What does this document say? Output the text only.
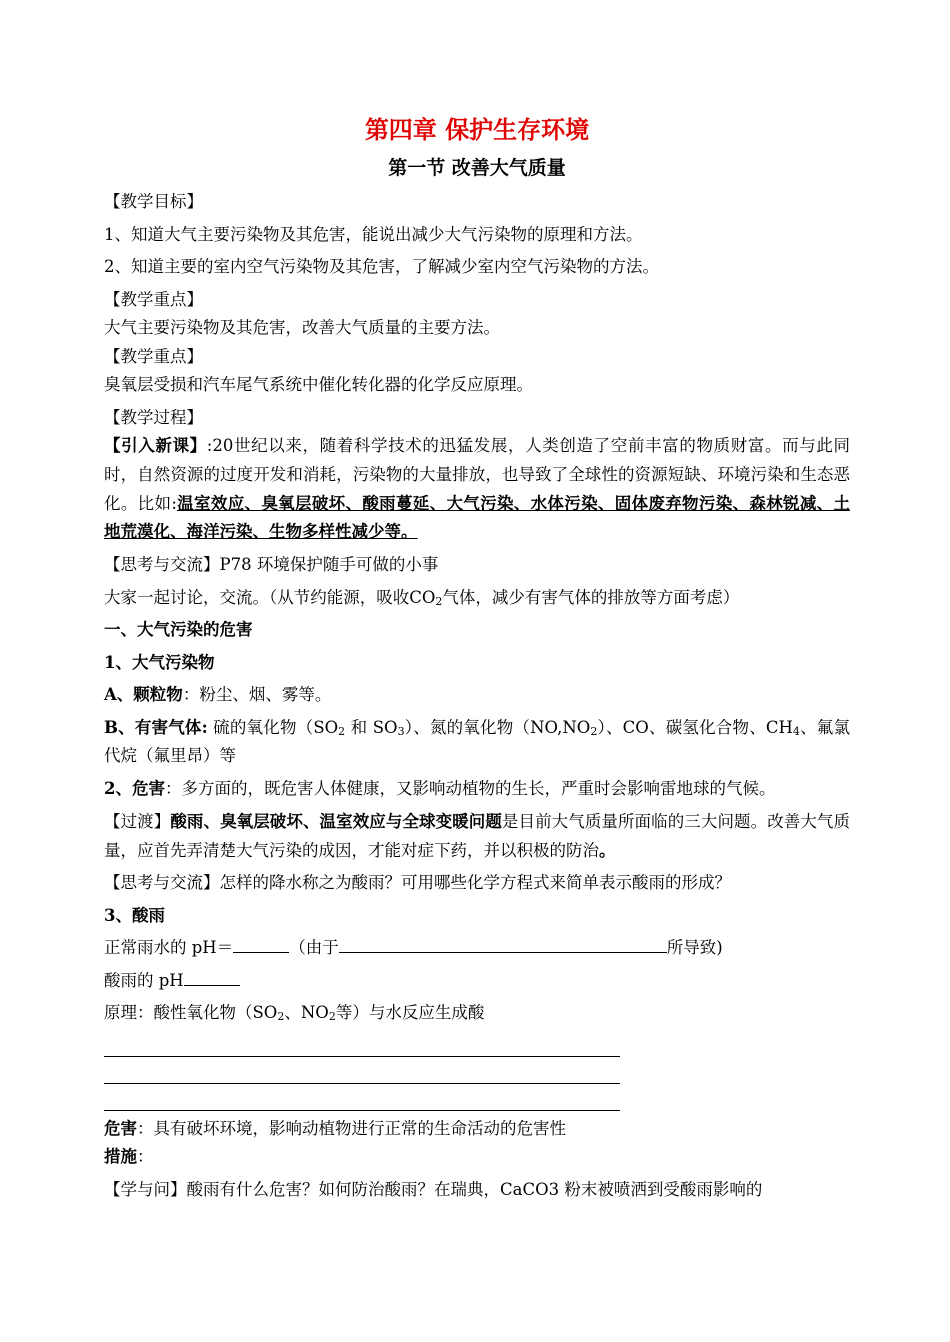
第四章 保护生存环境

第一节 改善大气质量

【教学目标】

1、知道大气主要污染物及其危害，能说出减少大气污染物的原理和方法。

2、知道主要的室内空气污染物及其危害，了解减少室内空气污染物的方法。

【教学重点】

大气主要污染物及其危害，改善大气质量的主要方法。

【教学重点】

臭氧层受损和汽车尾气系统中催化转化器的化学反应原理。

【教学过程】

【引入新课】:20世纪以来，随着科学技术的迅猛发展，人类创造了空前丰富的物质财富。而与此同时，自然资源的过度开发和消耗，污染物的大量排放，也导致了全球性的资源短缺、环境污染和生态恶化。比如:温室效应、臭氧层破坏、酸雨蔓延、大气污染、水体污染、固体废弃物污染、森林锐减、土地荒漠化、海洋污染、生物多样性减少等。

【思考与交流】P78 环境保护随手可做的小事

大家一起讨论，交流。（从节约能源，吸收$CO_2$气体，减少有害气体的排放等方面考虑）

一、大气污染的危害

1、大气污染物

A、颗粒物：粉尘、烟、雾等。

B、有害气体: 硫的氧化物（$SO_2$ 和 $SO_3$）、氮的氧化物$(NO,NO_2)$、CO、碳氢化合物、$CH_4$、氟氯代烷（氟里昂）等

2、危害：多方面的，既危害人体健康，又影响动植物的生长，严重时会影响雷地球的气候。

【过渡】酸雨、臭氧层破坏、温室效应与全球变暖问题是目前大气质量所面临的三大问题。改善大气质量，应首先弄清楚大气污染的成因，才能对症下药，并以积极的防治。

【思考与交流】怎样的降水称之为酸雨？可用哪些化学方程式来简单表示酸雨的形成？

3、酸雨

正常雨水的 pH＝	（由于	所导致)

酸雨的 pH

原理：酸性氧化物（$SO_2$、$NO_2$等）与水反应生成酸

危害：具有破坏环境，影响动植物进行正常的生命活动的危害性

措施：

【学与问】酸雨有什么危害？如何防治酸雨？在瑞典，CaCO3 粉末被喷洒到受酸雨影响的
